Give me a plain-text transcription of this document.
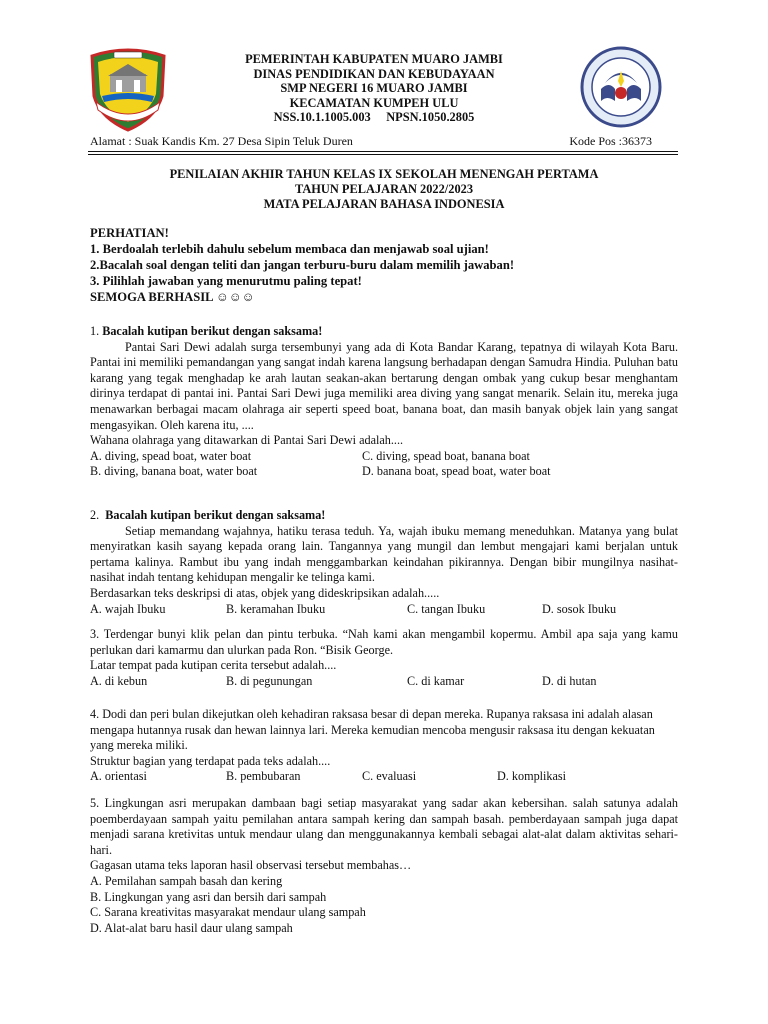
PEMERINTAH KABUPATEN MUARO JAMBI
DINAS PENDIDIKAN DAN KEBUDAYAAN
SMP NEGERI 16 MUARO JAMBI
KECAMATAN KUMPEH ULU
NSS.10.1.1005.003     NPSN.1050.2805
Alamat : Suak Kandis Km. 27 Desa Sipin Teluk Duren	Kode Pos :36373
PENILAIAN AKHIR TAHUN KELAS IX SEKOLAH MENENGAH PERTAMA
TAHUN PELAJARAN 2022/2023
MATA PELAJARAN BAHASA INDONESIA
PERHATIAN!
1. Berdoalah terlebih dahulu sebelum membaca dan menjawab soal ujian!
2.Bacalah soal dengan teliti dan jangan terburu-buru dalam memilih jawaban!
3. Pilihlah jawaban yang menurutmu paling tepat!
SEMOGA BERHASIL ☺☺☺

1. Bacalah kutipan berikut dengan saksama!

Pantai Sari Dewi adalah surga tersembunyi yang ada di Kota Bandar Karang, tepatnya di wilayah Kota Baru. Pantai ini memiliki pemandangan yang sangat indah karena langsung berhadapan dengan Samudra Hindia. Puluhan batu karang yang tegak menghadap ke arah lautan seakan-akan bertarung dengan ombak yang cukup besar menghantam dirinya terdapat di pantai ini. Pantai Sari Dewi juga memiliki area diving yang sangat menarik. Selain itu, mereka juga menawarkan berbagai macam olahraga air seperti speed boat, banana boat, dan masih banyak objek lain yang sangat mengasyikan. Oleh karena itu, ....

Wahana olahraga yang ditawarkan di Pantai Sari Dewi adalah....

A. diving, spead boat, water boat	C. diving, spead boat, banana boat
B. diving, banana boat, water boat	D. banana boat, spead boat, water boat

2.  Bacalah kutipan berikut dengan saksama!

Setiap memandang wajahnya, hatiku terasa teduh. Ya, wajah ibuku memang meneduhkan. Matanya yang bulat menyiratkan kasih sayang kepada orang lain. Tangannya yang mungil dan lembut mengajari kami berjalan untuk pertama kalinya. Rambut ibu yang indah menggambarkan keindahan pikirannya. Dengan bibir mungilnya nasihat-nasihat indah tentang kehidupan mengalir ke telinga kami.

Berdasarkan teks deskripsi di atas, objek yang dideskripsikan adalah.....

A. wajah Ibuku	B. keramahan Ibuku	C. tangan Ibuku	D. sosok Ibuku

3. Terdengar bunyi klik pelan dan pintu terbuka. “Nah kami akan mengambil kopermu. Ambil apa saja yang kamu perlukan dari kamarmu dan ulurkan pada Ron. “Bisik George.

Latar tempat pada kutipan cerita tersebut adalah....

A. di kebun	B. di pegunungan	C. di kamar	D. di hutan

4. Dodi dan peri bulan dikejutkan oleh kehadiran raksasa besar di depan mereka. Rupanya raksasa ini adalah alasan mengapa hutannya rusak dan hewan lainnya lari. Mereka kemudian mencoba mengusir raksasa itu dengan kekuatan yang mereka miliki.

Struktur bagian yang terdapat pada teks adalah....

A. orientasi	B. pembubaran	C. evaluasi	D. komplikasi

5. Lingkungan asri merupakan dambaan bagi setiap masyarakat yang sadar akan kebersihan. salah satunya adalah poemberdayaan sampah yaitu pemilahan antara sampah kering dan sampah basah. pemberdayaan sampah juga dapat menjadi sarana kretivitas untuk mendaur ulang dan menggunakannya kembali sebagai alat-alat dalam aktivitas sehari-hari.

Gagasan utama teks laporan hasil observasi tersebut membahas…

A. Pemilahan sampah basah dan kering

B. Lingkungan yang asri dan bersih dari sampah

C. Sarana kreativitas masyarakat mendaur ulang sampah

D. Alat-alat baru hasil daur ulang sampah
